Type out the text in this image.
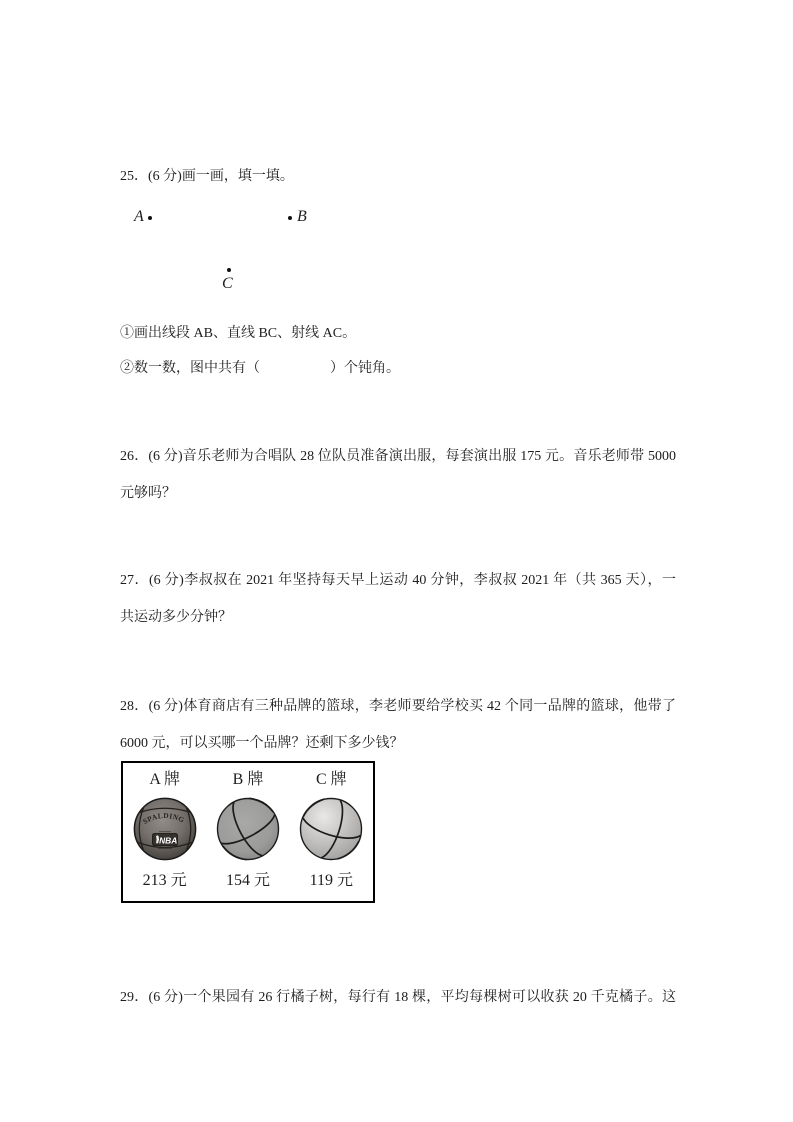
25．(6 分)画一画，填一填。
A	B
C
①画出线段 AB、直线 BC、射线 AC。
②数一数，图中共有（　　　　　）个钝角。
26．(6 分)音乐老师为合唱队 28 位队员准备演出服，每套演出服 175 元。音乐老师带 5000
元够吗？
27．(6 分)李叔叔在 2021 年坚持每天早上运动 40 分钟，李叔叔 2021 年（共 365 天），一
共运动多少分钟？
28．(6 分)体育商店有三种品牌的篮球，李老师要给学校买 42 个同一品牌的篮球，他带了
6000 元，可以买哪一个品牌？还剩下多少钱？
A 牌
SPALDING
NBA
213 元
B 牌
154 元
C 牌
119 元
29．(6 分)一个果园有 26 行橘子树，每行有 18 棵，平均每棵树可以收获 20 千克橘子。这
